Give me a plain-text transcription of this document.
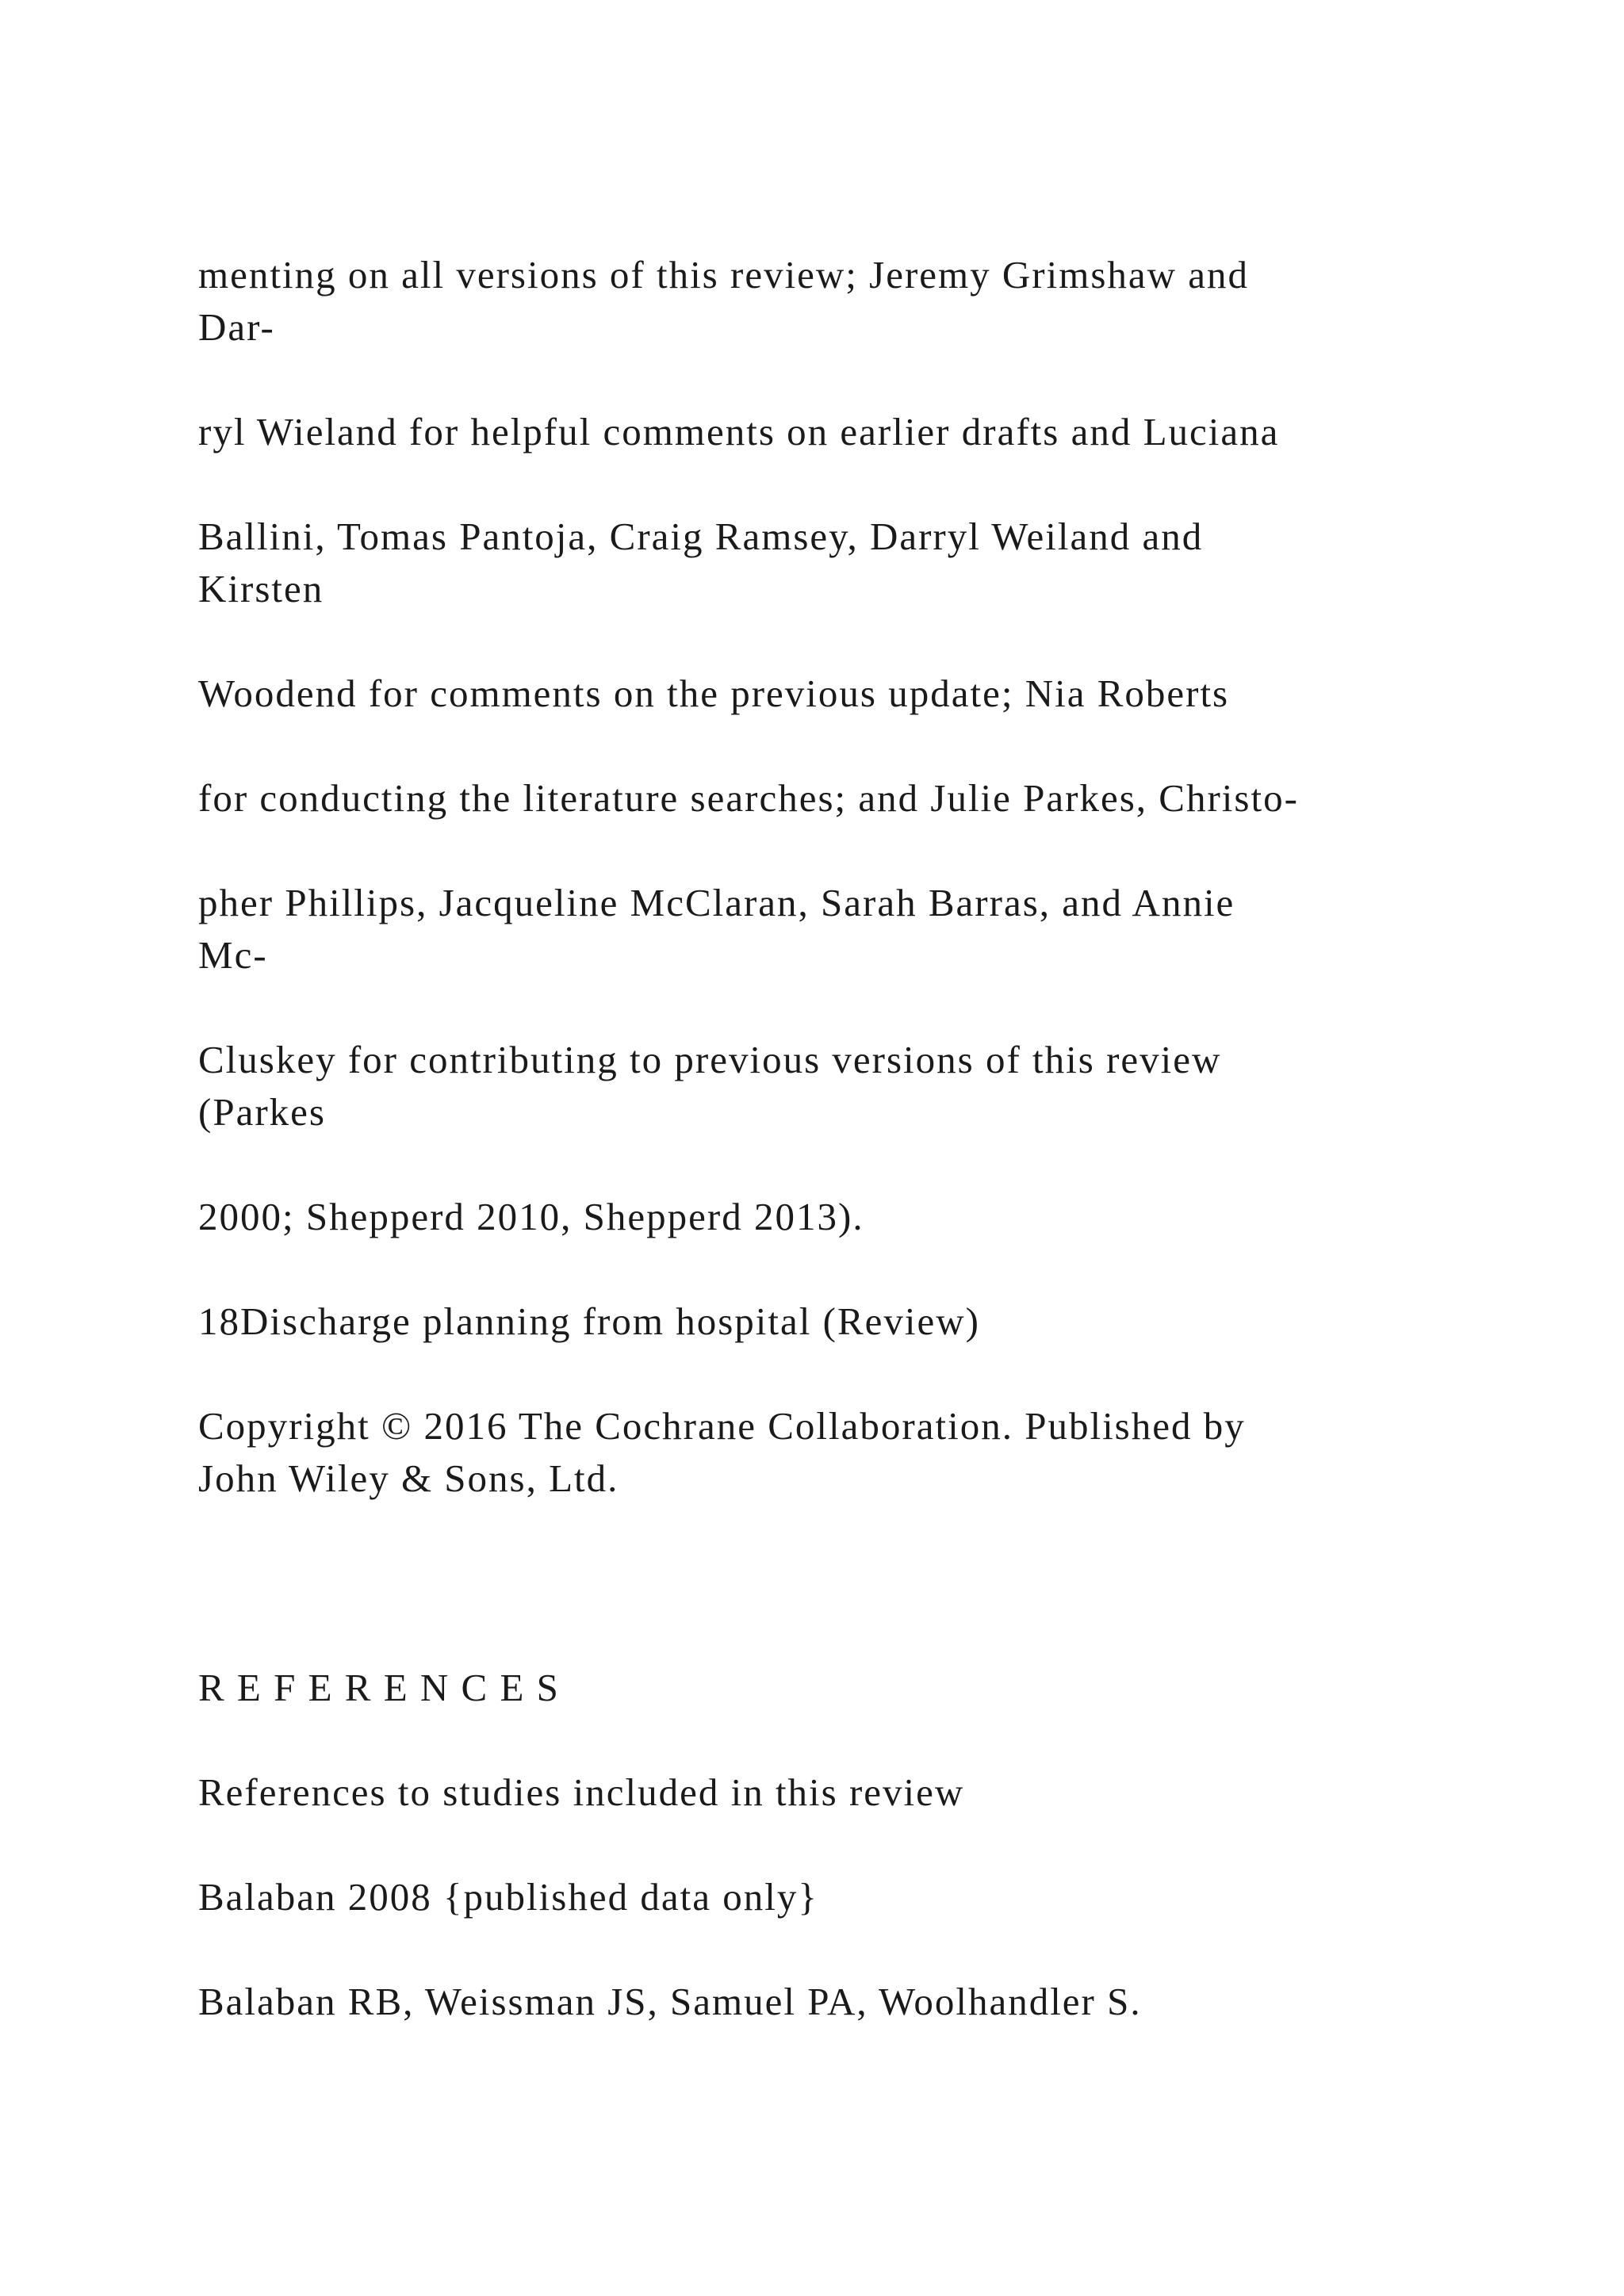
menting on all versions of this review; Jeremy Grimshaw and
Dar-

ryl Wieland for helpful comments on earlier drafts and Luciana

Ballini, Tomas Pantoja, Craig Ramsey, Darryl Weiland and
Kirsten

Woodend for comments on the previous update; Nia Roberts

for conducting the literature searches; and Julie Parkes, Christo-

pher Phillips, Jacqueline McClaran, Sarah Barras, and Annie
Mc-

Cluskey for contributing to previous versions of this review
(Parkes

2000; Shepperd 2010, Shepperd 2013).

18Discharge planning from hospital (Review)

Copyright © 2016 The Cochrane Collaboration. Published by
John Wiley & Sons, Ltd.

R E F E R E N C E S

References to studies included in this review

Balaban 2008 {published data only}

Balaban RB, Weissman JS, Samuel PA, Woolhandler S.
